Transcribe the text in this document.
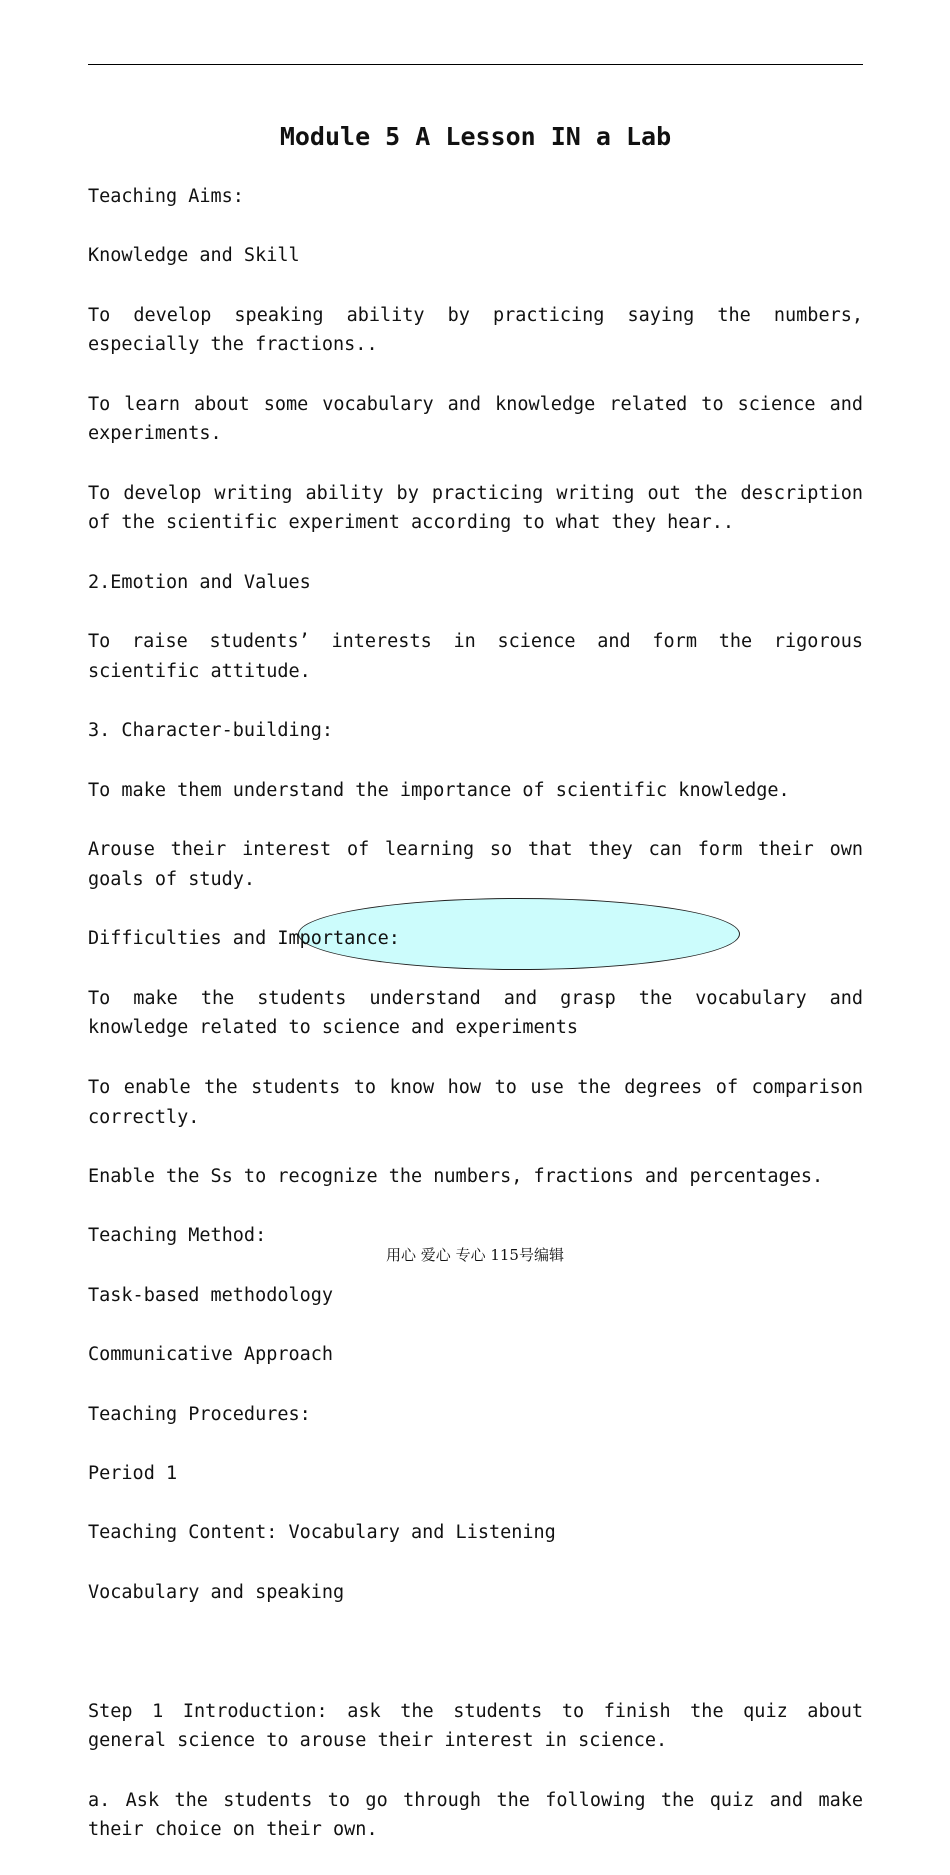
Module 5 A Lesson IN a Lab

Teaching Aims:

Knowledge and Skill

To develop speaking ability by practicing saying the numbers, especially the fractions..

To learn about some vocabulary and knowledge related to science and experiments.

To develop writing ability by practicing writing out the description of the scientific experiment according to what they hear..

2.Emotion and Values

To raise students’ interests in science and form the rigorous scientific attitude.

3. Character-building:

To make them understand the importance of scientific knowledge.

Arouse their interest of learning so that they can form their own goals of study.

Difficulties and Importance:

To make the students understand and grasp the vocabulary and knowledge related to science and experiments

To enable the students to know how to use the degrees of comparison correctly.

Enable the Ss to recognize the numbers, fractions and percentages.

Teaching Method:

Task-based methodology

Communicative Approach

Teaching Procedures:

Period 1

Teaching Content: Vocabulary and Listening

Vocabulary and speaking

Step 1 Introduction: ask the students to finish the quiz about general science to arouse their interest in science.

a. Ask the students to go through the following the quiz and make their choice on their own.

用心 爱心 专心 115号编辑
